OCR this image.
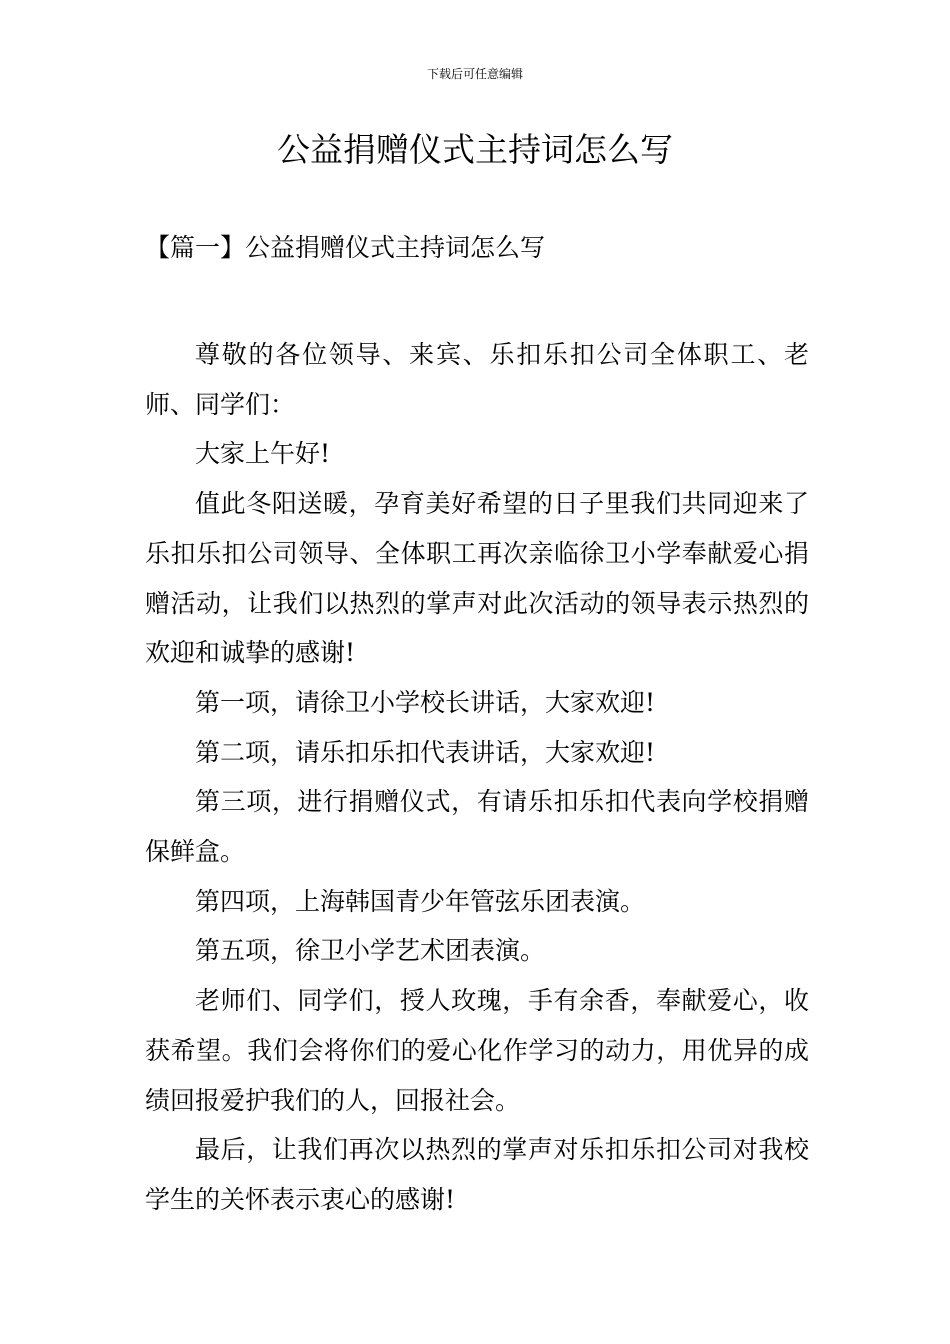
下载后可任意编辑
公益捐赠仪式主持词怎么写
【篇一】公益捐赠仪式主持词怎么写

尊敬的各位领导、来宾、乐扣乐扣公司全体职工、老师、同学们：

大家上午好!

值此冬阳送暖，孕育美好希望的日子里我们共同迎来了乐扣乐扣公司领导、全体职工再次亲临徐卫小学奉献爱心捐赠活动，让我们以热烈的掌声对此次活动的领导表示热烈的欢迎和诚挚的感谢!

第一项，请徐卫小学校长讲话，大家欢迎!

第二项，请乐扣乐扣代表讲话，大家欢迎!

第三项，进行捐赠仪式，有请乐扣乐扣代表向学校捐赠保鲜盒。

第四项，上海韩国青少年管弦乐团表演。

第五项，徐卫小学艺术团表演。

老师们、同学们，授人玫瑰，手有余香，奉献爱心，收获希望。我们会将你们的爱心化作学习的动力，用优异的成绩回报爱护我们的人，回报社会。

最后，让我们再次以热烈的掌声对乐扣乐扣公司对我校学生的关怀表示衷心的感谢!
